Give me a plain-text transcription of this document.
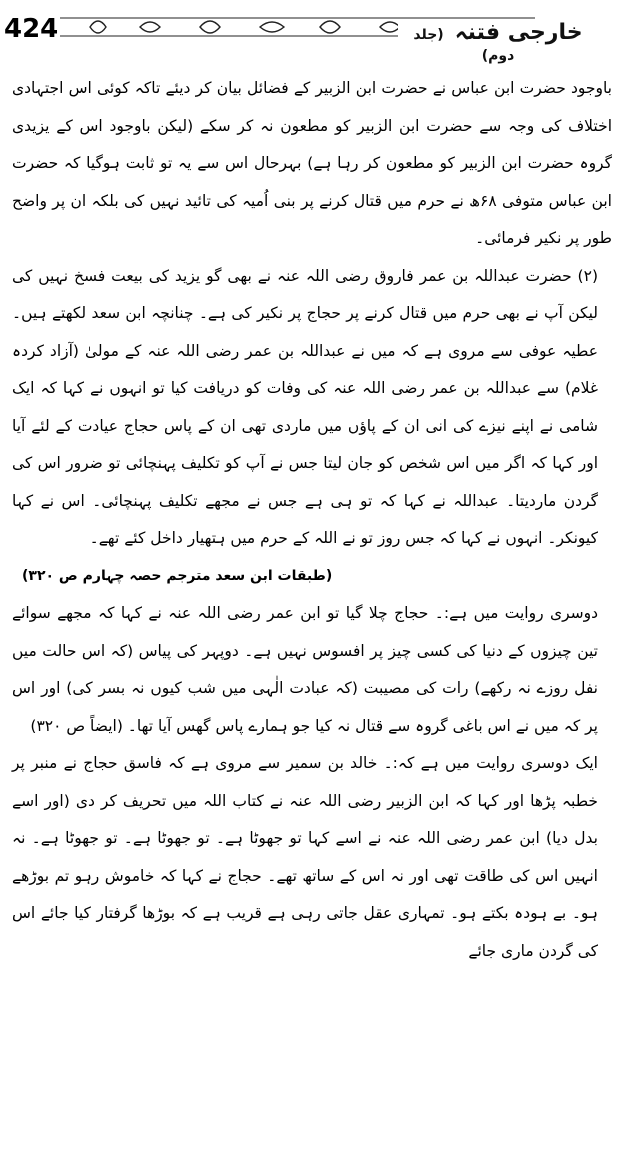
424	خارجی فتنہ (جلد دوم)

باوجود حضرت ابن عباس نے حضرت ابن الزبیر کے فضائل بیان کر دیئے تاکہ کوئی اس اجتہادی اختلاف کی وجہ سے حضرت ابن الزبیر کو مطعون نہ کر سکے (لیکن باوجود اس کے یزیدی گروہ حضرت ابن الزبیر کو مطعون کر رہا ہے) بہرحال اس سے یہ تو ثابت ہوگیا کہ حضرت ابن عباس متوفی ۶۸ھ نے حرم میں قتال کرنے پر بنی اُمیہ کی تائید نہیں کی بلکہ ان پر واضح طور پر نکیر فرمائی۔

(۲) حضرت عبداللہ بن عمر فاروق رضی اللہ عنہ نے بھی گو یزید کی بیعت فسخ نہیں کی لیکن آپ نے بھی حرم میں قتال کرنے پر حجاج پر نکیر کی ہے۔ چنانچہ ابن سعد لکھتے ہیں۔ عطیہ عوفی سے مروی ہے کہ میں نے عبداللہ بن عمر رضی اللہ عنہ کے مولیٰ (آزاد کردہ غلام) سے عبداللہ بن عمر رضی اللہ عنہ کی وفات کو دریافت کیا تو انہوں نے کہا کہ ایک شامی نے اپنے نیزے کی انی ان کے پاؤں میں ماردی تھی ان کے پاس حجاج عیادت کے لئے آیا اور کہا کہ اگر میں اس شخص کو جان لیتا جس نے آپ کو تکلیف پہنچائی تو ضرور اس کی گردن ماردیتا۔ عبداللہ نے کہا کہ تو ہی ہے جس نے مجھے تکلیف پہنچائی۔ اس نے کہا کیونکر۔ انہوں نے کہا کہ جس روز تو نے اللہ کے حرم میں ہتھیار داخل کئے تھے۔

(طبقات ابن سعد مترجم حصہ چہارم ص ۳۲۰)

دوسری روایت میں ہے:۔ حجاج چلا گیا تو ابن عمر رضی اللہ عنہ نے کہا کہ مجھے سوائے تین چیزوں کے دنیا کی کسی چیز پر افسوس نہیں ہے۔ دوپہر کی پیاس (کہ اس حالت میں نفل روزے نہ رکھے) رات کی مصیبت (کہ عبادت الٰہی میں شب کیوں نہ بسر کی) اور اس پر کہ میں نے اس باغی گروہ سے قتال نہ کیا جو ہمارے پاس گھس آیا تھا۔ (ایضاً ص ۳۲۰)

ایک دوسری روایت میں ہے کہ:۔ خالد بن سمیر سے مروی ہے کہ فاسق حجاج نے منبر پر خطبہ پڑھا اور کہا کہ ابن الزبیر رضی اللہ عنہ نے کتاب اللہ میں تحریف کر دی (اور اسے بدل دیا) ابن عمر رضی اللہ عنہ نے اسے کہا تو جھوٹا ہے۔ تو جھوٹا ہے۔ تو جھوٹا ہے۔ نہ انہیں اس کی طاقت تھی اور نہ اس کے ساتھ تھے۔ حجاج نے کہا کہ خاموش رہو تم بوڑھے ہو۔ بے ہودہ بکتے ہو۔ تمہاری عقل جاتی رہی ہے قریب ہے کہ بوڑھا گرفتار کیا جائے اس کی گردن ماری جائے
